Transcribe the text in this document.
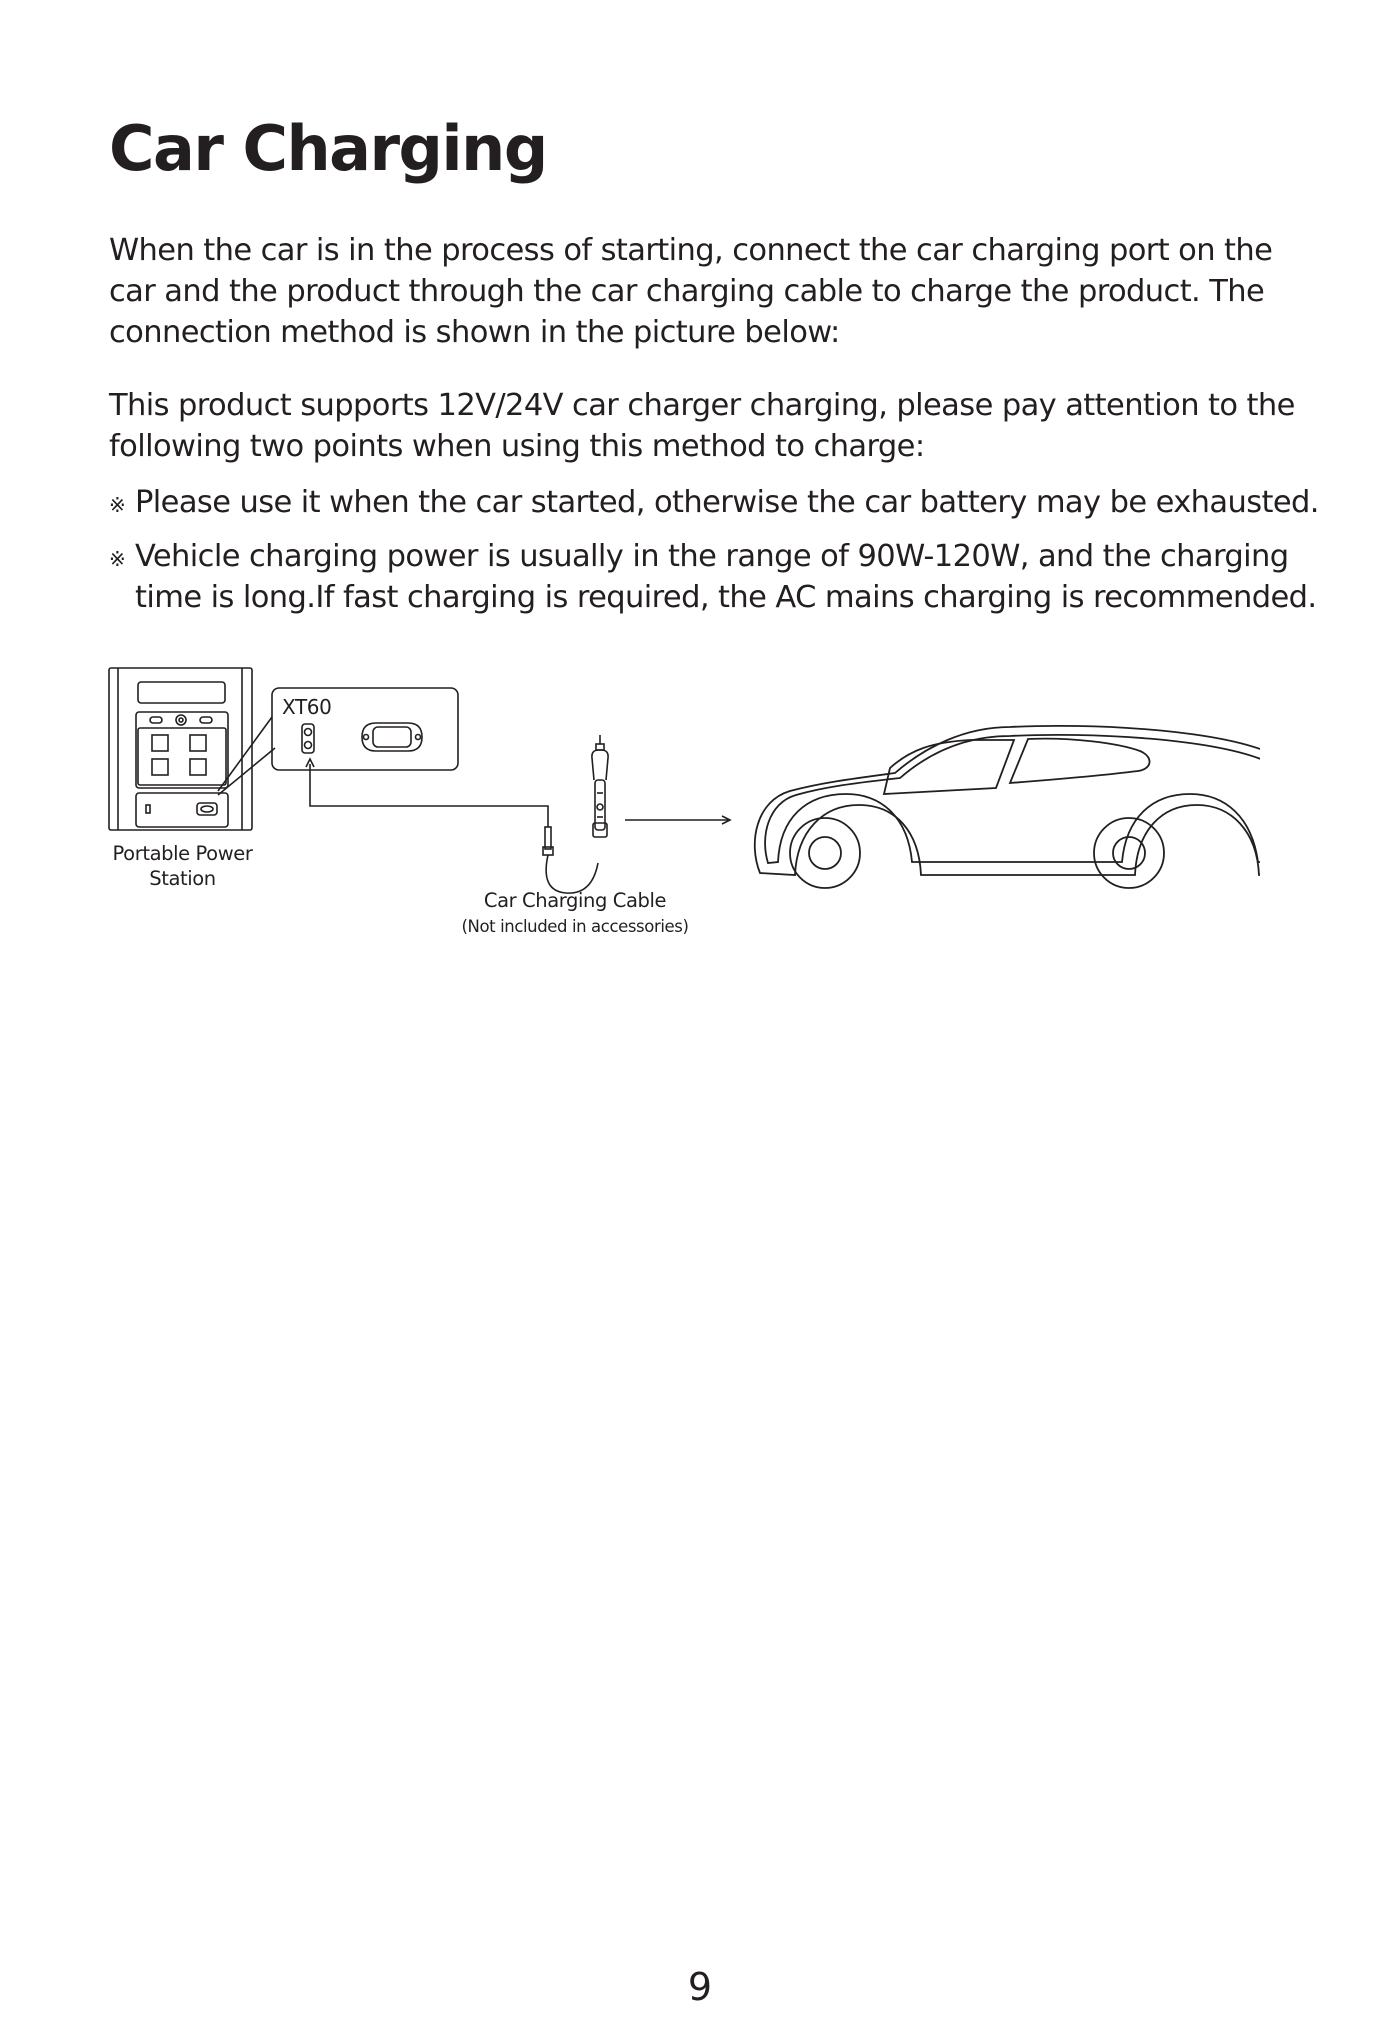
Car Charging

When the car is in the process of starting, connect the car charging port on the car and the product through the car charging cable to charge the product. The connection method is shown in the picture below:

This product supports 12V/24V car charger charging, please pay attention to the following two points when using this method to charge:

※ Please use it when the car started, otherwise the car battery may be exhausted.
※ Vehicle charging power is usually in the range of 90W-120W, and the charging time is long.If fast charging is required, the AC mains charging is recommended.
XT60
Portable Power
Station
Car Charging Cable
(Not included in accessories)
9
